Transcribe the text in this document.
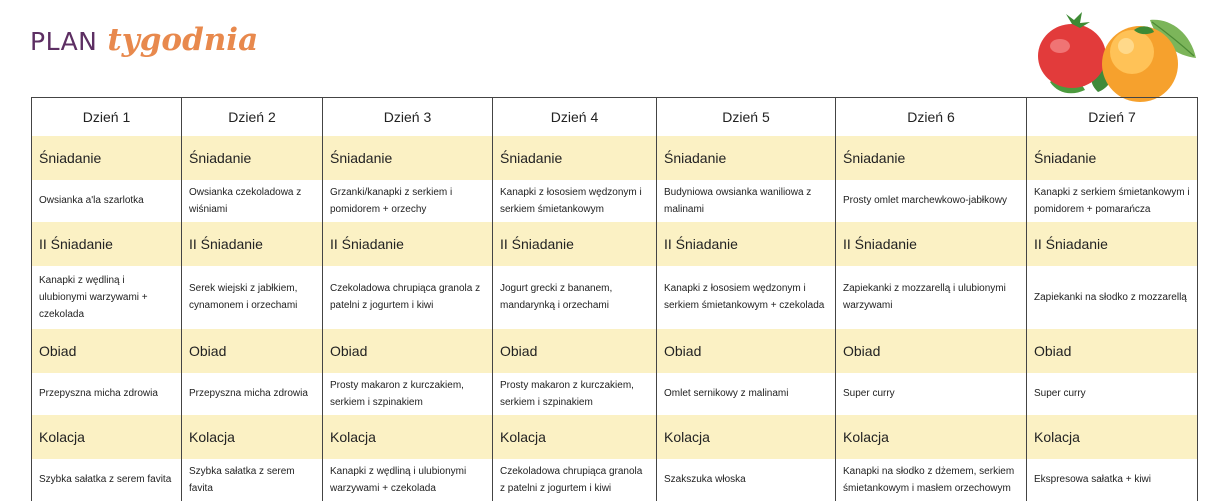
PLAN tygodnia
Dzień 1	Dzień 2	Dzień 3	Dzień 4	Dzień 5	Dzień 6	Dzień 7
Śniadanie	Śniadanie	Śniadanie	Śniadanie	Śniadanie	Śniadanie	Śniadanie
Owsianka a'la szarlotka	Owsianka czekoladowa z wiśniami	Grzanki/kanapki z serkiem i pomidorem + orzechy	Kanapki z łososiem wędzonym i serkiem śmietankowym	Budyniowa owsianka waniliowa z malinami	Prosty omlet marchewkowo-jabłkowy	Kanapki z serkiem śmietankowym i pomidorem + pomarańcza
II Śniadanie	II Śniadanie	II Śniadanie	II Śniadanie	II Śniadanie	II Śniadanie	II Śniadanie
Kanapki z wędliną i ulubionymi warzywami + czekolada	Serek wiejski z jabłkiem, cynamonem i orzechami	Czekoladowa chrupiąca granola z patelni z jogurtem i kiwi	Jogurt grecki z bananem, mandarynką i orzechami	Kanapki z łososiem wędzonym i serkiem śmietankowym + czekolada	Zapiekanki z mozzarellą i ulubionymi warzywami	Zapiekanki na słodko z mozzarellą
Obiad	Obiad	Obiad	Obiad	Obiad	Obiad	Obiad
Przepyszna micha zdrowia	Przepyszna micha zdrowia	Prosty makaron z kurczakiem, serkiem i szpinakiem	Prosty makaron z kurczakiem, serkiem i szpinakiem	Omlet sernikowy z malinami	Super curry	Super curry
Kolacja	Kolacja	Kolacja	Kolacja	Kolacja	Kolacja	Kolacja
Szybka sałatka z serem favita	Szybka sałatka z serem favita	Kanapki z wędliną i ulubionymi warzywami + czekolada	Czekoladowa chrupiąca granola z patelni z jogurtem i kiwi	Szakszuka włoska	Kanapki na słodko z dżemem, serkiem śmietankowym i masłem orzechowym	Ekspresowa sałatka + kiwi
